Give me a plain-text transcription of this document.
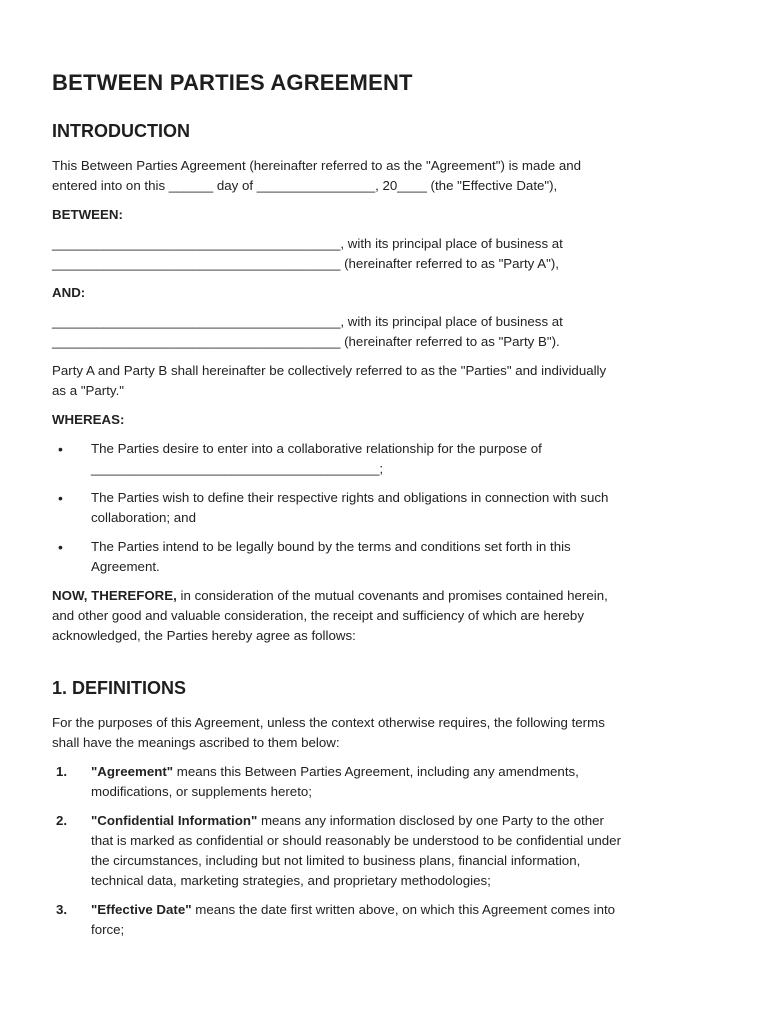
BETWEEN PARTIES AGREEMENT
INTRODUCTION

This Between Parties Agreement (hereinafter referred to as the "Agreement") is made and
entered into on this ______ day of ________________, 20____ (the "Effective Date"),

BETWEEN:

_______________________________________, with its principal place of business at
_______________________________________ (hereinafter referred to as "Party A"),

AND:

_______________________________________, with its principal place of business at
_______________________________________ (hereinafter referred to as "Party B").

Party A and Party B shall hereinafter be collectively referred to as the "Parties" and individually
as a "Party."

WHEREAS:
• The Parties desire to enter into a collaborative relationship for the purpose of
_______________________________________;
• The Parties wish to define their respective rights and obligations in connection with such
collaboration; and
• The Parties intend to be legally bound by the terms and conditions set forth in this
Agreement.

NOW, THEREFORE, in consideration of the mutual covenants and promises contained herein,
and other good and valuable consideration, the receipt and sufficiency of which are hereby
acknowledged, the Parties hereby agree as follows:

1. DEFINITIONS

For the purposes of this Agreement, unless the context otherwise requires, the following terms
shall have the meanings ascribed to them below:

1. "Agreement" means this Between Parties Agreement, including any amendments,
modifications, or supplements hereto;
2. "Confidential Information" means any information disclosed by one Party to the other
that is marked as confidential or should reasonably be understood to be confidential under
the circumstances, including but not limited to business plans, financial information,
technical data, marketing strategies, and proprietary methodologies;
3. "Effective Date" means the date first written above, on which this Agreement comes into
force;
